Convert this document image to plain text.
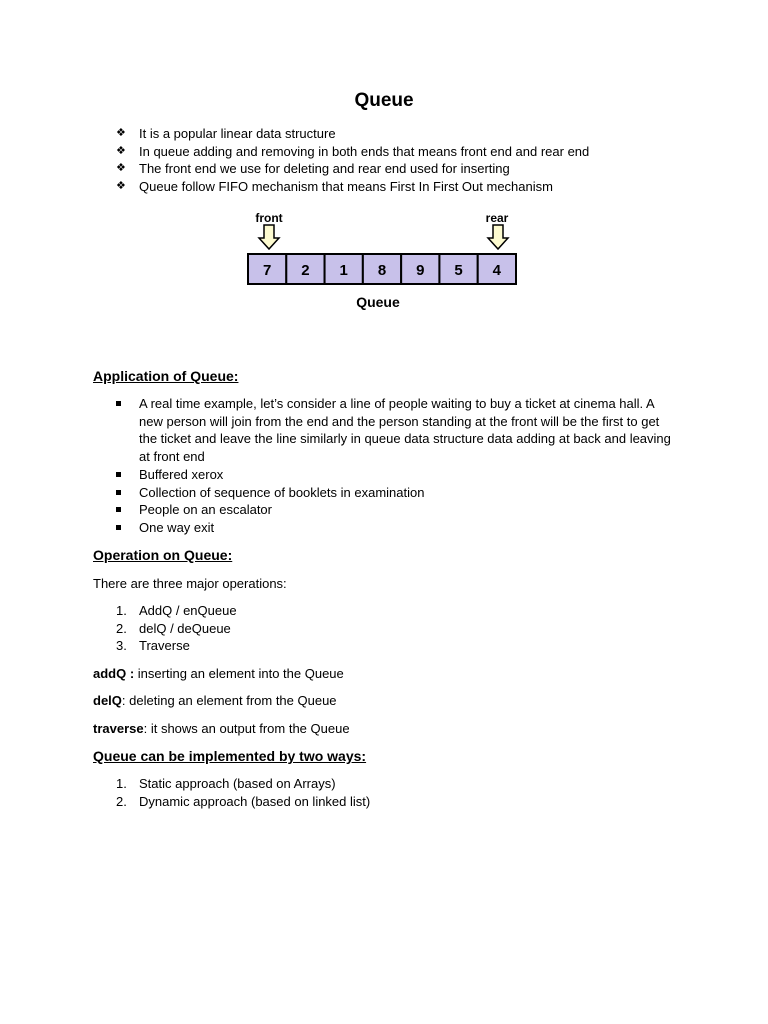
Queue
❖ It is a popular linear data structure
❖ In queue adding and removing in both ends that means front end and rear end
❖ The front end we use for deleting and rear end used for inserting
❖ Queue follow FIFO mechanism that means First In First Out mechanism
front	rear
7 2 1 8 9 5 4
Queue
Application of Queue:
A real time example, let’s consider a line of people waiting to buy a ticket at cinema hall. A new person will join from the end and the person standing at the front will be the first to get the ticket and leave the line similarly in queue data structure data adding at back and leaving at front end
Buffered xerox
Collection of sequence of booklets in examination
People on an escalator
One way exit
Operation on Queue:
There are three major operations:
1. AddQ / enQueue
2. delQ / deQueue
3. Traverse
addQ : inserting an element into the Queue
delQ: deleting an element from the Queue
traverse: it shows an output from the Queue
Queue can be implemented by two ways:
1. Static approach (based on Arrays)
2. Dynamic approach (based on linked list)
